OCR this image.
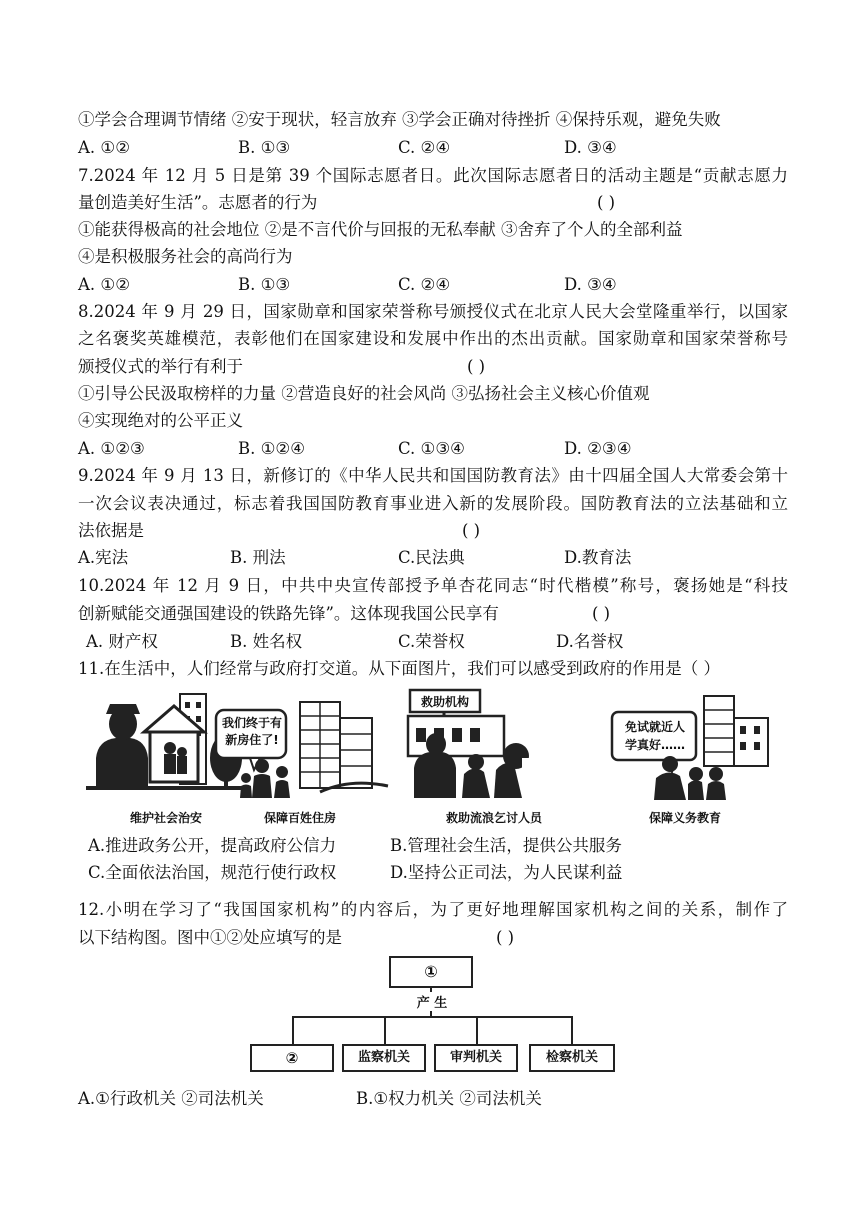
①学会合理调节情绪 ②安于现状，轻言放弃 ③学会正确对待挫折 ④保持乐观，避免失败
A. ①②	B. ①③	C. ②④	D. ③④
7.2024 年 12 月 5 日是第 39 个国际志愿者日。此次国际志愿者日的活动主题是“贡献志愿力
量创造美好生活”。志愿者的行为	( )
①能获得极高的社会地位 ②是不言代价与回报的无私奉献 ③舍弃了个人的全部利益
④是积极服务社会的高尚行为
A. ①②	B. ①③	C. ②④	D. ③④
8.2024 年 9 月 29 日，国家勋章和国家荣誉称号颁授仪式在北京人民大会堂隆重举行，以国家
之名褒奖英雄模范，表彰他们在国家建设和发展中作出的杰出贡献。国家勋章和国家荣誉称号
颁授仪式的举行有利于	( )
①引导公民汲取榜样的力量 ②营造良好的社会风尚 ③弘扬社会主义核心价值观
④实现绝对的公平正义
A. ①②③	B. ①②④	C. ①③④	D. ②③④
9.2024 年 9 月 13 日，新修订的《中华人民共和国国防教育法》由十四届全国人大常委会第十
一次会议表决通过，标志着我国国防教育事业进入新的发展阶段。国防教育法的立法基础和立
法依据是	( )
A.宪法	B. 刑法	C.民法典	D.教育法
10.2024 年 12 月 9 日，中共中央宣传部授予单杏花同志“时代楷模”称号，褒扬她是“科技
创新赋能交通强国建设的铁路先锋”。这体现我国公民享有	( )
A. 财产权	B. 姓名权	C.荣誉权	D.名誉权
11.在生活中，人们经常与政府打交道。从下面图片，我们可以感受到政府的作用是（ ）
维护社会治安
我们终于有
新房住了!
保障百姓住房
救助机构
救助流浪乞讨人员
免试就近人
学真好……
保障义务教育
A.推进政务公开，提高政府公信力	B.管理社会生活，提供公共服务
C.全面依法治国，规范行使行政权	D.坚持公正司法，为人民谋利益
12.小明在学习了“我国国家机构”的内容后，为了更好地理解国家机构之间的关系，制作了
以下结构图。图中①②处应填写的是	( )
①
产 生
②	监察机关	审判机关	检察机关
A.①行政机关 ②司法机关	B.①权力机关 ②司法机关
